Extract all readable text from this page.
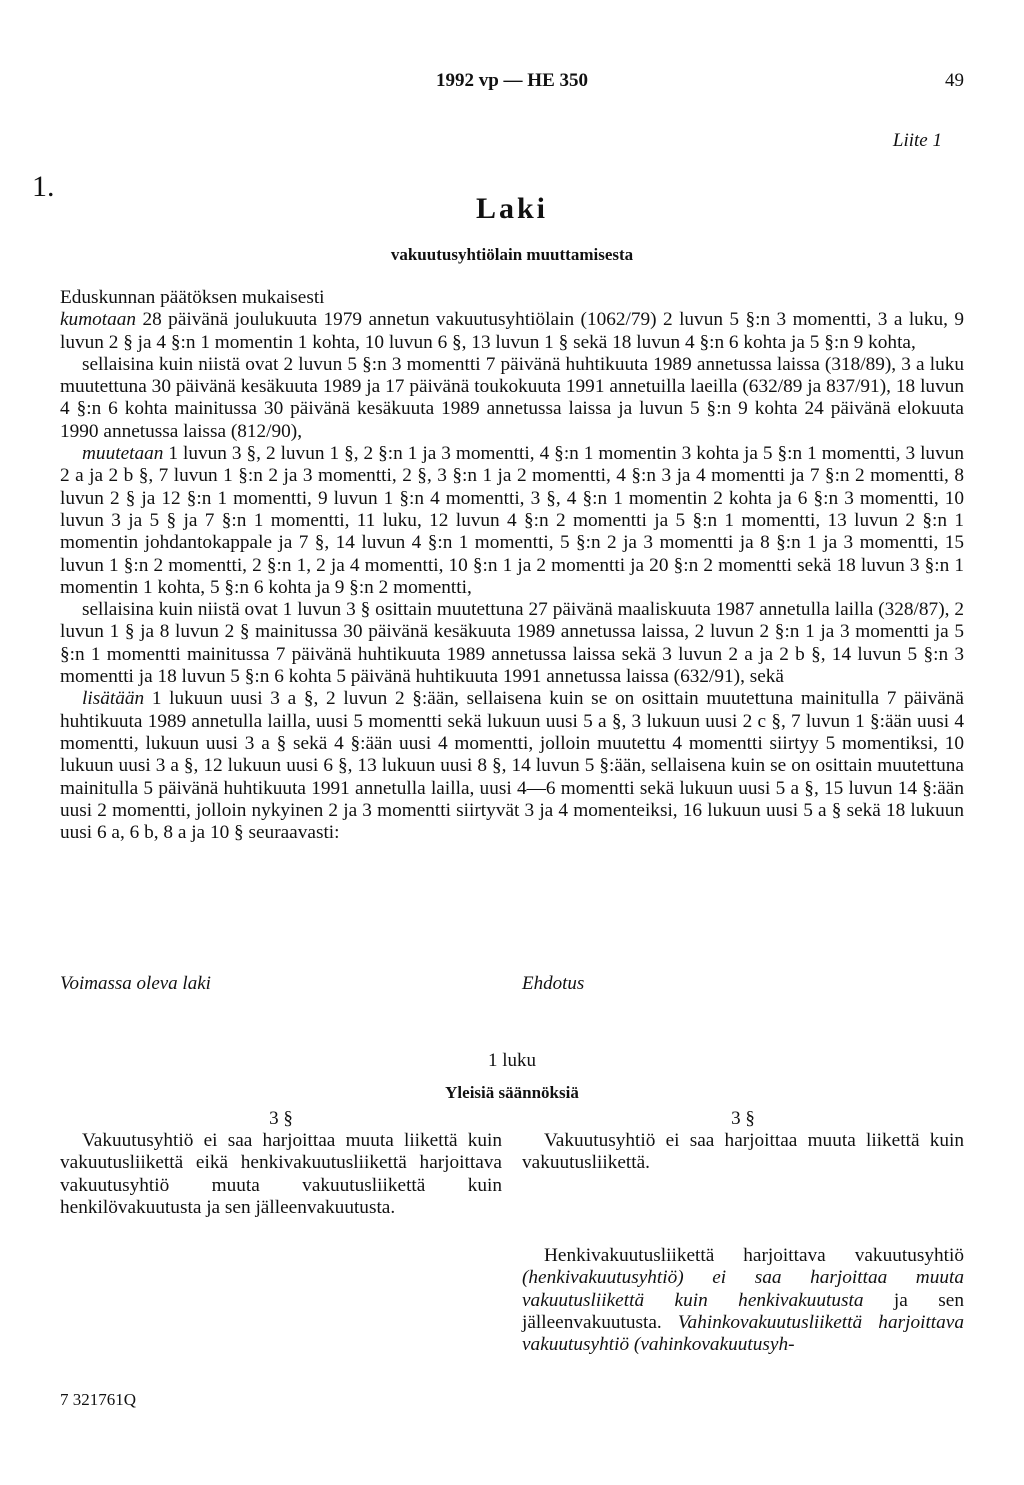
1992 vp — HE 350	49
Liite 1
1.
Laki
vakuutusyhtiölain muuttamisesta

Eduskunnan päätöksen mukaisesti

kumotaan 28 päivänä joulukuuta 1979 annetun vakuutusyhtiölain (1062/79) 2 luvun 5 §:n 3 momentti, 3 a luku, 9 luvun 2 § ja 4 §:n 1 momentin 1 kohta, 10 luvun 6 §, 13 luvun 1 § sekä 18 luvun 4 §:n 6 kohta ja 5 §:n 9 kohta,

sellaisina kuin niistä ovat 2 luvun 5 §:n 3 momentti 7 päivänä huhtikuuta 1989 annetussa laissa (318/89), 3 a luku muutettuna 30 päivänä kesäkuuta 1989 ja 17 päivänä toukokuuta 1991 annetuilla laeilla (632/89 ja 837/91), 18 luvun 4 §:n 6 kohta mainitussa 30 päivänä kesäkuuta 1989 annetussa laissa ja luvun 5 §:n 9 kohta 24 päivänä elokuuta 1990 annetussa laissa (812/90),

muutetaan 1 luvun 3 §, 2 luvun 1 §, 2 §:n 1 ja 3 momentti, 4 §:n 1 momentin 3 kohta ja 5 §:n 1 momentti, 3 luvun 2 a ja 2 b §, 7 luvun 1 §:n 2 ja 3 momentti, 2 §, 3 §:n 1 ja 2 momentti, 4 §:n 3 ja 4 momentti ja 7 §:n 2 momentti, 8 luvun 2 § ja 12 §:n 1 momentti, 9 luvun 1 §:n 4 momentti, 3 §, 4 §:n 1 momentin 2 kohta ja 6 §:n 3 momentti, 10 luvun 3 ja 5 § ja 7 §:n 1 momentti, 11 luku, 12 luvun 4 §:n 2 momentti ja 5 §:n 1 momentti, 13 luvun 2 §:n 1 momentin johdantokappale ja 7 §, 14 luvun 4 §:n 1 momentti, 5 §:n 2 ja 3 momentti ja 8 §:n 1 ja 3 momentti, 15 luvun 1 §:n 2 momentti, 2 §:n 1, 2 ja 4 momentti, 10 §:n 1 ja 2 momentti ja 20 §:n 2 momentti sekä 18 luvun 3 §:n 1 momentin 1 kohta, 5 §:n 6 kohta ja 9 §:n 2 momentti,

sellaisina kuin niistä ovat 1 luvun 3 § osittain muutettuna 27 päivänä maaliskuuta 1987 annetulla lailla (328/87), 2 luvun 1 § ja 8 luvun 2 § mainitussa 30 päivänä kesäkuuta 1989 annetussa laissa, 2 luvun 2 §:n 1 ja 3 momentti ja 5 §:n 1 momentti mainitussa 7 päivänä huhtikuuta 1989 annetussa laissa sekä 3 luvun 2 a ja 2 b §, 14 luvun 5 §:n 3 momentti ja 18 luvun 5 §:n 6 kohta 5 päivänä huhtikuuta 1991 annetussa laissa (632/91), sekä

lisätään 1 lukuun uusi 3 a §, 2 luvun 2 §:ään, sellaisena kuin se on osittain muutettuna mainitulla 7 päivänä huhtikuuta 1989 annetulla lailla, uusi 5 momentti sekä lukuun uusi 5 a §, 3 lukuun uusi 2 c §, 7 luvun 1 §:ään uusi 4 momentti, lukuun uusi 3 a § sekä 4 §:ään uusi 4 momentti, jolloin muutettu 4 momentti siirtyy 5 momentiksi, 10 lukuun uusi 3 a §, 12 lukuun uusi 6 §, 13 lukuun uusi 8 §, 14 luvun 5 §:ään, sellaisena kuin se on osittain muutettuna mainitulla 5 päivänä huhtikuuta 1991 annetulla lailla, uusi 4—6 momentti sekä lukuun uusi 5 a §, 15 luvun 14 §:ään uusi 2 momentti, jolloin nykyinen 2 ja 3 momentti siirtyvät 3 ja 4 momenteiksi, 16 lukuun uusi 5 a § sekä 18 lukuun uusi 6 a, 6 b, 8 a ja 10 § seuraavasti:

Voimassa oleva laki	Ehdotus
1 luku
Yleisiä säännöksiä
3 §	3 §

Vakuutusyhtiö ei saa harjoittaa muuta liikettä kuin vakuutusliikettä eikä henkivakuutusliikettä harjoittava vakuutusyhtiö muuta vakuutusliikettä kuin henkilövakuutusta ja sen jälleenvakuutusta.

Vakuutusyhtiö ei saa harjoittaa muuta liikettä kuin vakuutusliikettä.

Henkivakuutusliikettä harjoittava vakuutusyhtiö (henkivakuutusyhtiö) ei saa harjoittaa muuta vakuutusliikettä kuin henkivakuutusta ja sen jälleenvakuutusta. Vahinkovakuutusliikettä harjoittava vakuutusyhtiö (vahinkovakuutusyh-

7 321761Q
